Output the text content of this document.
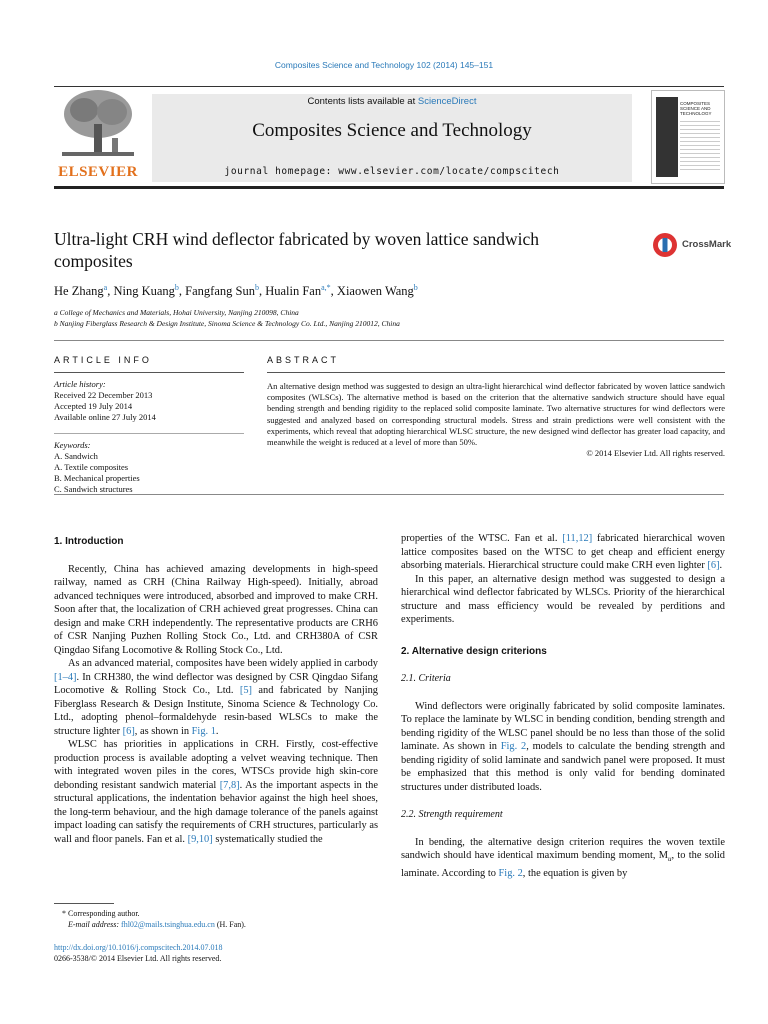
Composites Science and Technology 102 (2014) 145–151
ELSEVIER
Contents lists available at ScienceDirect
Composites Science and Technology
journal homepage: www.elsevier.com/locate/compscitech
COMPOSITES SCIENCE AND TECHNOLOGY
Ultra-light CRH wind deflector fabricated by woven lattice sandwich composites
CrossMark
He Zhang$^a$, Ning Kuang$^b$, Fangfang Sun$^b$, Hualin Fan$^{a,*}$, Xiaowen Wang$^b$
a College of Mechanics and Materials, Hohai University, Nanjing 210098, China
b Nanjing Fiberglass Research & Design Institute, Sinoma Science & Technology Co. Ltd., Nanjing 210012, China
ARTICLE INFO
Article history:
Received 22 December 2013
Accepted 19 July 2014
Available online 27 July 2014
Keywords:
A. Sandwich
A. Textile composites
B. Mechanical properties
C. Sandwich structures
ABSTRACT
An alternative design method was suggested to design an ultra-light hierarchical wind deflector fabricated by woven lattice sandwich composites (WLSCs). The alternative method is based on the criterion that the alternative sandwich structure should have equal bending strength and bending rigidity to the replaced solid composite laminate. Two alternative structures for wind deflectors were suggested and analyzed based on corresponding structural models. Stress and strain predictions were well consistent with the experiments, which reveal that adopting hierarchical WLSC structure, the new designed wind deflector has greater load capacity, and meanwhile the weight is reduced at a level of more than 50%.
© 2014 Elsevier Ltd. All rights reserved.
1. Introduction

Recently, China has achieved amazing developments in high-speed railway, named as CRH (China Railway High-speed). Initially, abroad advanced techniques were introduced, absorbed and improved to make CRH. Soon after that, the localization of CRH achieved great progresses. China can design and make CRH independently. The representative products are CRH6 of CSR Nanjing Puzhen Rolling Stock Co., Ltd. and CRH380A of CSR Qingdao Sifang Locomotive & Rolling Stock Co., Ltd.

As an advanced material, composites have been widely applied in carbody [1–4]. In CRH380, the wind deflector was designed by CSR Qingdao Sifang Locomotive & Rolling Stock Co., Ltd. [5] and fabricated by Nanjing Fiberglass Research & Design Institute, Sinoma Science & Technology Co. Ltd., adopting phenol–formaldehyde resin-based WLSCs to make the structure lighter [6], as shown in Fig. 1.

WLSC has priorities in applications in CRH. Firstly, cost-effective production process is available adopting a velvet weaving technique. Then with integrated woven piles in the cores, WTSCs provide high skin-core debonding resistant sandwich material [7,8]. As the important aspects in the structural applications, the indentation behavior against the high heel shoes, the long-term behaviour, and the high damage tolerance of the panels against impact loading can satisfy the requirements of CRH structures, particularly as wall and floor panels. Fan et al. [9,10] systematically studied the

* Corresponding author.
E-mail address: fhl02@mails.tsinghua.edu.cn (H. Fan).
http://dx.doi.org/10.1016/j.compscitech.2014.07.018
0266-3538/© 2014 Elsevier Ltd. All rights reserved.

properties of the WTSC. Fan et al. [11,12] fabricated hierarchical woven lattice composites based on the WTSC to get cheap and efficient energy absorbing materials. Hierarchical structure could make CRH even lighter [6].

In this paper, an alternative design method was suggested to design a hierarchical wind deflector fabricated by WLSCs. Priority of the hierarchical structure and mass efficiency would be revealed by perditions and experiments.

2. Alternative design criterions
2.1. Criteria

Wind deflectors were originally fabricated by solid composite laminates. To replace the laminate by WLSC in bending condition, bending strength and bending rigidity of the WLSC panel should be no less than those of the solid laminate. As shown in Fig. 2, models to calculate the bending strength and bending rigidity of solid laminate and sandwich panel were proposed. It must be emphasized that this method is only valid for bending dominated structures under distributed loads.

2.2. Strength requirement

In bending, the alternative design criterion requires the woven textile sandwich should have identical maximum bending moment, $M_u$, to the solid laminate. According to Fig. 2, the equation is given by
